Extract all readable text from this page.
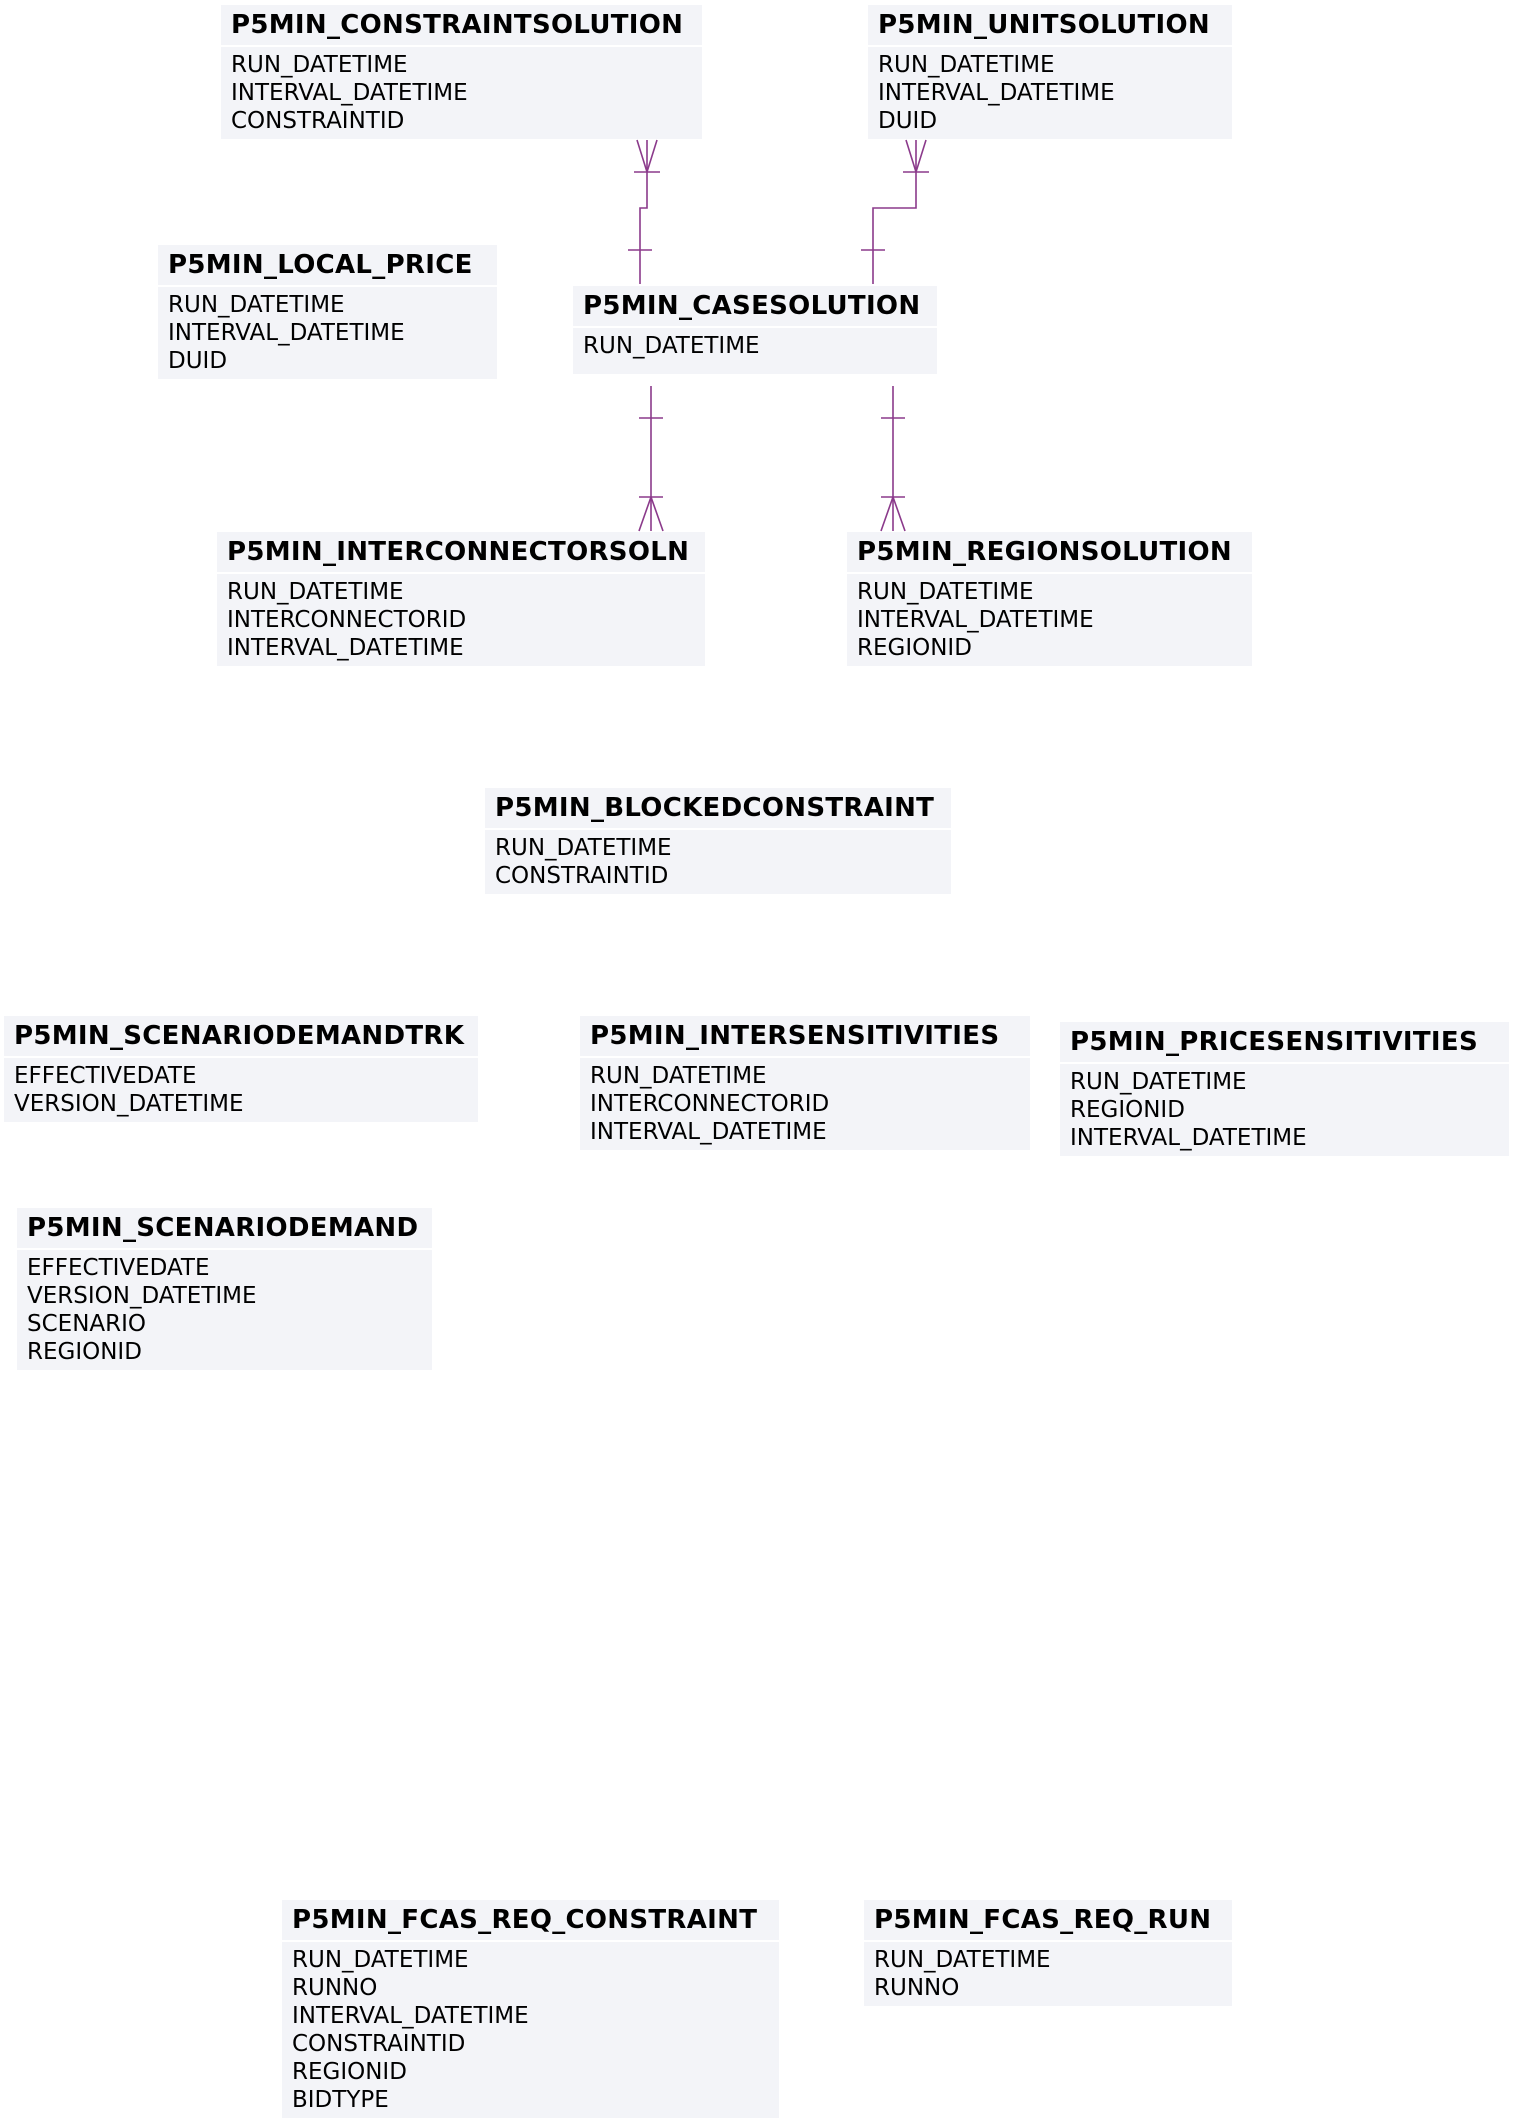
P5MIN_CONSTRAINTSOLUTION
RUN_DATETIME
INTERVAL_DATETIME
CONSTRAINTID
P5MIN_UNITSOLUTION
RUN_DATETIME
INTERVAL_DATETIME
DUID
P5MIN_LOCAL_PRICE
RUN_DATETIME
INTERVAL_DATETIME
DUID
P5MIN_CASESOLUTION
RUN_DATETIME
P5MIN_INTERCONNECTORSOLN
RUN_DATETIME
INTERCONNECTORID
INTERVAL_DATETIME
P5MIN_REGIONSOLUTION
RUN_DATETIME
INTERVAL_DATETIME
REGIONID
P5MIN_BLOCKEDCONSTRAINT
RUN_DATETIME
CONSTRAINTID
P5MIN_SCENARIODEMANDTRK
EFFECTIVEDATE
VERSION_DATETIME
P5MIN_INTERSENSITIVITIES
RUN_DATETIME
INTERCONNECTORID
INTERVAL_DATETIME
P5MIN_PRICESENSITIVITIES
RUN_DATETIME
REGIONID
INTERVAL_DATETIME
P5MIN_SCENARIODEMAND
EFFECTIVEDATE
VERSION_DATETIME
SCENARIO
REGIONID
P5MIN_FCAS_REQ_CONSTRAINT
RUN_DATETIME
RUNNO
INTERVAL_DATETIME
CONSTRAINTID
REGIONID
BIDTYPE
P5MIN_FCAS_REQ_RUN
RUN_DATETIME
RUNNO
